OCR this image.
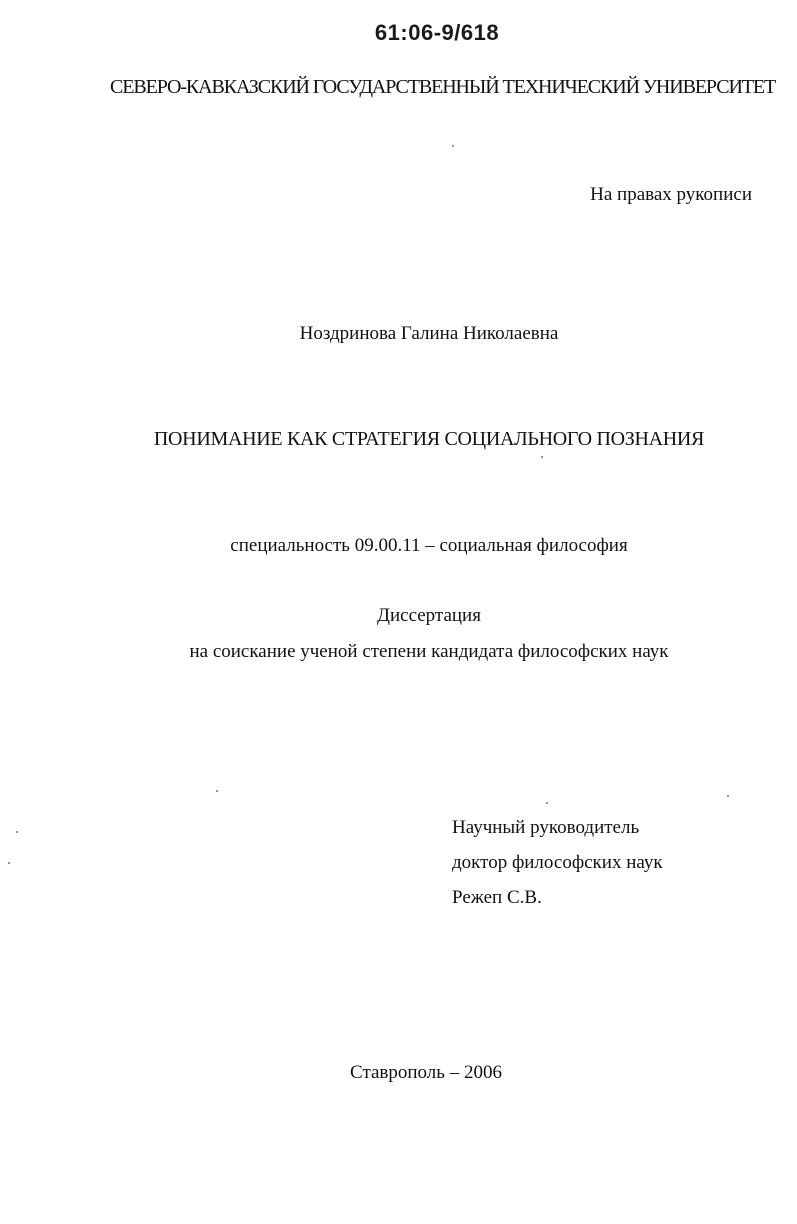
61:06-9/618

СЕВЕРО-КАВКАЗСКИЙ ГОСУДАРСТВЕННЫЙ ТЕХНИЧЕСКИЙ УНИВЕРСИТЕТ

На правах рукописи

Ноздринова Галина Николаевна

ПОНИМАНИЕ КАК СТРАТЕГИЯ СОЦИАЛЬНОГО ПОЗНАНИЯ

специальность 09.00.11 – социальная философия

Диссертация

на соискание ученой степени кандидата философских наук

Научный руководитель

доктор философских наук

Режеп С.В.

Ставрополь – 2006
